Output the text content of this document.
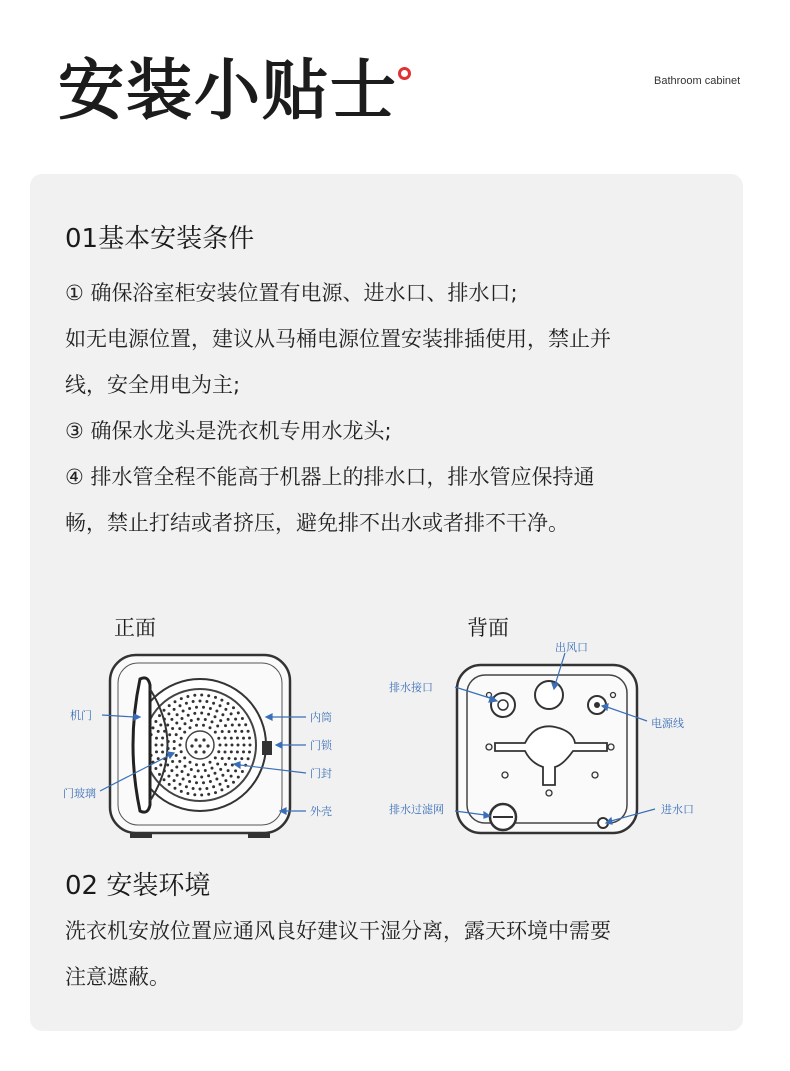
安装小贴士	Bathroom cabinet
01基本安装条件
① 确保浴室柜安装位置有电源、进水口、排水口;
如无电源位置，建议从马桶电源位置安装排插使用，禁止并
线，安全用电为主;
③ 确保水龙头是洗衣机专用水龙头;
④ 排水管全程不能高于机器上的排水口，排水管应保持通
畅，禁止打结或者挤压，避免排不出水或者排不干净。
正面	背面
机门
门玻璃
内筒
门锁
门封
外壳
出风口
排水接口
电源线
排水过滤网	进水口
02 安装环境
洗衣机安放位置应通风良好建议干湿分离，露天环境中需要
注意遮蔽。
